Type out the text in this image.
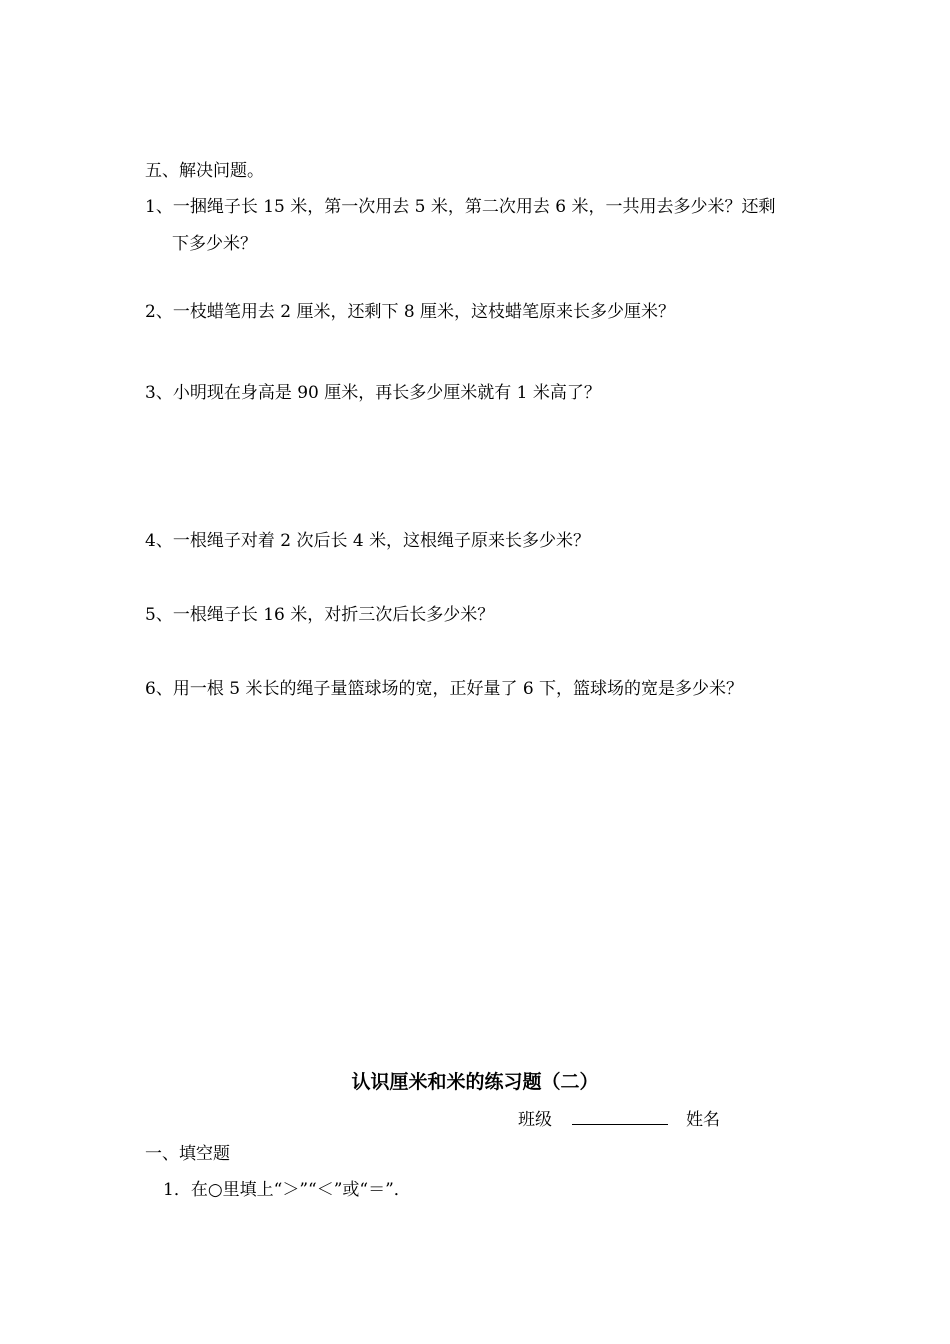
五、解决问题。
1、一捆绳子长 15 米，第一次用去 5 米，第二次用去 6 米，一共用去多少米？还剩
下多少米？
2、一枝蜡笔用去 2 厘米，还剩下 8 厘米，这枝蜡笔原来长多少厘米？
3、小明现在身高是 90 厘米，再长多少厘米就有 1 米高了？
4、一根绳子对着 2 次后长 4 米，这根绳子原来长多少米？
5、一根绳子长 16 米，对折三次后长多少米？
6、用一根 5 米长的绳子量篮球场的宽，正好量了 6 下，篮球场的宽是多少米？
认识厘米和米的练习题（二）
班级	姓名
一、填空题
1．在○里填上“＞”“＜”或“＝”．
